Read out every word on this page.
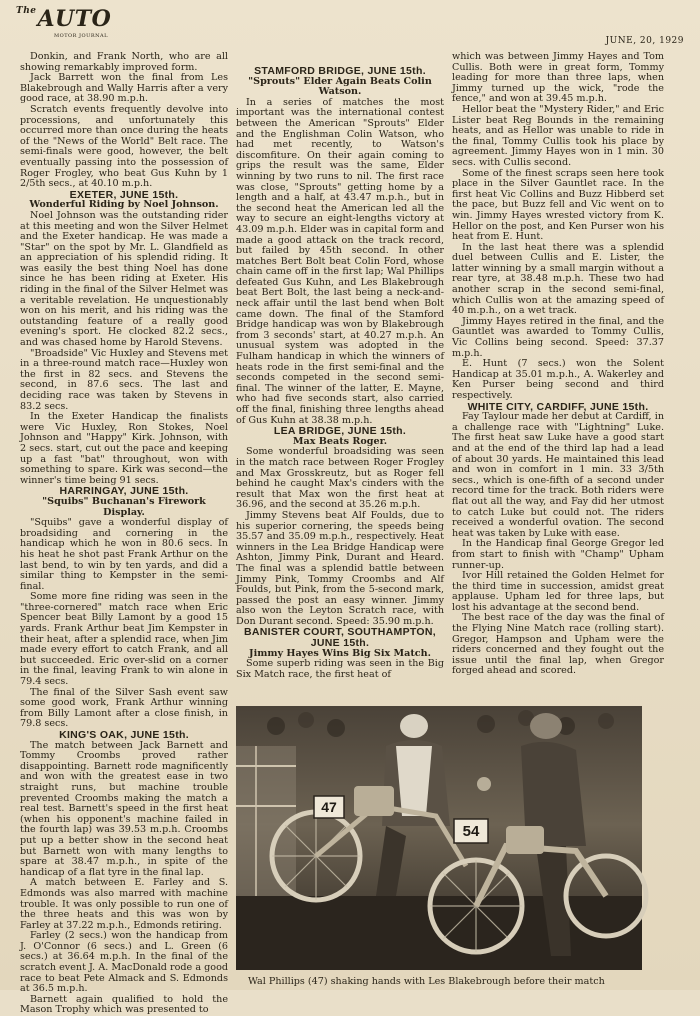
$^{The}$AUTO
MOTOR JOURNAL	JUNE, 20, 1929

Donkin, and Frank North, who are all showing remarkably improved form.

Jack Barrett won the final from Les Blakebrough and Wally Harris after a very good race, at 38.90 m.p.h.

Scratch events frequently devolve into processions, and unfortunately this occurred more than once during the heats of the "News of the World" Belt race. The semi-finals were good, however, the belt eventually passing into the possession of Roger Frogley, who beat Gus Kuhn by 1 2/5th secs., at 40.10 m.p.h.

EXETER, JUNE 15th.

Wonderful Riding by Noel Johnson.

Noel Johnson was the outstanding rider at this meeting and won the Silver Helmet and the Exeter handicap. He was made a "Star" on the spot by Mr. L. Glandfield as an appreciation of his splendid riding. It was easily the best thing Noel has done since he has been riding at Exeter. His riding in the final of the Silver Helmet was a veritable revelation. He unquestionably won on his merit, and his riding was the outstanding feature of a really good evening's sport. He clocked 82.2 secs., and was chased home by Harold Stevens.

"Broadside" Vic Huxley and Stevens met in a three-round match race—Huxley won the first in 82 secs. and Stevens the second, in 87.6 secs. The last and deciding race was taken by Stevens in 83.2 secs.

In the Exeter Handicap the finalists were Vic Huxley, Ron Stokes, Noel Johnson and "Happy" Kirk. Johnson, with 2 secs. start, cut out the pace and keeping up a fast "bat" throughout, won with something to spare. Kirk was second—the winner's time being 91 secs.

HARRINGAY, JUNE 15th.

"Squibs" Buchanan's Firework Display.

"Squibs" gave a wonderful display of broadsiding and cornering in the handicap which he won in 80.6 secs. In his heat he shot past Frank Arthur on the last bend, to win by ten yards, and did a similar thing to Kempster in the semi-final.

Some more fine riding was seen in the "three-cornered" match race when Eric Spencer beat Billy Lamont by a good 15 yards. Frank Arthur beat Jim Kempster in their heat, after a splendid race, when Jim made every effort to catch Frank, and all but succeeded. Eric over-slid on a corner in the final, leaving Frank to win alone in 79.4 secs.

The final of the Silver Sash event saw some good work, Frank Arthur winning from Billy Lamont after a close finish, in 79.8 secs.

KING'S OAK, JUNE 15th.

The match between Jack Barnett and Tommy Croombs proved rather disappointing. Barnett rode magnificently and won with the greatest ease in two straight runs, but machine trouble prevented Croombs making the match a real test. Barnett's speed in the first heat (when his opponent's machine failed in the fourth lap) was 39.53 m.p.h. Croombs put up a better show in the second heat but Barnett won with many lengths to spare at 38.47 m.p.h., in spite of the handicap of a flat tyre in the final lap.

A match between E. Farley and S. Edmonds was also marred with machine trouble. It was only possible to run one of the three heats and this was won by Farley at 37.22 m.p.h., Edmonds retiring.

Farley (2 secs.) won the handicap from J. O'Connor (6 secs.) and L. Green (6 secs.) at 36.64 m.p.h. In the final of the scratch event J. A. MacDonald rode a good race to beat Pete Almack and S. Edmonds at 36.5 m.p.h.

Barnett again qualified to hold the Mason Trophy which was presented to

STAMFORD BRIDGE, JUNE 15th.

"Sprouts" Elder Again Beats Colin Watson.

In a series of matches the most important was the international contest between the American "Sprouts" Elder and the Englishman Colin Watson, who had met recently, to Watson's discomfiture. On their again coming to grips the result was the same, Elder winning by two runs to nil. The first race was close, "Sprouts" getting home by a length and a half, at 43.47 m.p.h., but in the second heat the American led all the way to secure an eight-lengths victory at 43.09 m.p.h. Elder was in capital form and made a good attack on the track record, but failed by 45th second. In other matches Bert Bolt beat Colin Ford, whose chain came off in the first lap; Wal Phillips defeated Gus Kuhn, and Les Blakebrough beat Bert Bolt, the last being a neck-and-neck affair until the last bend when Bolt came down. The final of the Stamford Bridge handicap was won by Blakebrough from 3 seconds' start, at 40.27 m.p.h. An unusual system was adopted in the Fulham handicap in which the winners of heats rode in the first semi-final and the seconds competed in the second semi-final. The winner of the latter, E. Mayne, who had five seconds start, also carried off the final, finishing three lengths ahead of Gus Kuhn at 38.38 m.p.h.

LEA BRIDGE, JUNE 15th.

Max Beats Roger.

Some wonderful broadsiding was seen in the match race between Roger Frogley and Max Grosskreutz, but as Roger fell behind he caught Max's cinders with the result that Max won the first heat at 36.96, and the second at 35.26 m.p.h.

Jimmy Stevens beat Alf Foulds, due to his superior cornering, the speeds being 35.57 and 35.09 m.p.h., respectively. Heat winners in the Lea Bridge Handicap were Ashton, Jimmy Pink, Durant and Heard. The final was a splendid battle between Jimmy Pink, Tommy Croombs and Alf Foulds, but Pink, from the 5-second mark, passed the post an easy winner. Jimmy also won the Leyton Scratch race, with Don Durant second. Speed: 35.90 m.p.h.

BANISTER COURT, SOUTHAMPTON, JUNE 15th.

Jimmy Hayes Wins Big Six Match.

Some superb riding was seen in the Big Six Match race, the first heat of

which was between Jimmy Hayes and Tom Cullis. Both were in great form, Tommy leading for more than three laps, when Jimmy turned up the wick, "rode the fence," and won at 39.45 m.p.h.

Hellor beat the "Mystery Rider," and Eric Lister beat Reg Bounds in the remaining heats, and as Hellor was unable to ride in the final, Tommy Cullis took his place by agreement. Jimmy Hayes won in 1 min. 30 secs. with Cullis second.

Some of the finest scraps seen here took place in the Silver Gauntlet race. In the first heat Vic Collins and Buzz Hibberd set the pace, but Buzz fell and Vic went on to win. Jimmy Hayes wrested victory from K. Hellor on the post, and Ken Purser won his heat from E. Hunt.

In the last heat there was a splendid duel between Cullis and E. Lister, the latter winning by a small margin without a rear tyre, at 38.48 m.p.h. These two had another scrap in the second semi-final, which Cullis won at the amazing speed of 40 m.p.h., on a wet track.

Jimmy Hayes retired in the final, and the Gauntlet was awarded to Tommy Cullis, Vic Collins being second. Speed: 37.37 m.p.h.

E. Hunt (7 secs.) won the Solent Handicap at 35.01 m.p.h., A. Wakerley and Ken Purser being second and third respectively.

WHITE CITY, CARDIFF, JUNE 15th.

Fay Taylour made her debut at Cardiff, in a challenge race with "Lightning" Luke. The first heat saw Luke have a good start and at the end of the third lap had a lead of about 30 yards. He maintained this lead and won in comfort in 1 min. 33 3/5th secs., which is one-fifth of a second under record time for the track. Both riders were flat out all the way, and Fay did her utmost to catch Luke but could not. The riders received a wonderful ovation. The second heat was taken by Luke with ease.

In the Handicap final George Gregor led from start to finish with "Champ" Upham runner-up.

Ivor Hill retained the Golden Helmet for the third time in succession, amidst great applause. Upham led for three laps, but lost his advantage at the second bend.

The best race of the day was the final of the Flying Nine Match race (rolling start). Gregor, Hampson and Upham were the riders concerned and they fought out the issue until the final lap, when Gregor forged ahead and scored.

47
54
Wal Phillips (47) shaking hands with Les Blakebrough before their match
